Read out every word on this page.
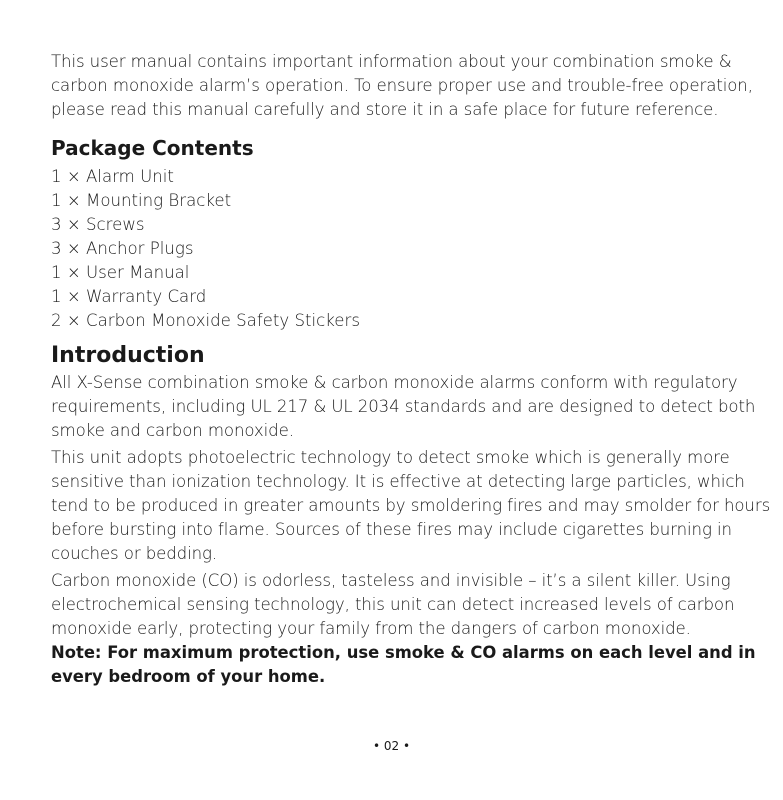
This user manual contains important information about your combination smoke & carbon monoxide alarm’s operation. To ensure proper use and trouble-free operation, please read this manual carefully and store it in a safe place for future reference.

Package Contents
1 × Alarm Unit
1 × Mounting Bracket
3 × Screws
3 × Anchor Plugs
1 × User Manual
1 × Warranty Card
2 × Carbon Monoxide Safety Stickers
Introduction

All X-Sense combination smoke & carbon monoxide alarms conform with regulatory requirements, including UL 217 & UL 2034 standards and are designed to detect both smoke and carbon monoxide.

This unit adopts photoelectric technology to detect smoke which is generally more sensitive than ionization technology. It is effective at detecting large particles, which tend to be produced in greater amounts by smoldering fires and may smolder for hours before bursting into flame. Sources of these fires may include cigarettes burning in couches or bedding.

Carbon monoxide (CO) is odorless, tasteless and invisible – it’s a silent killer. Using electrochemical sensing technology, this unit can detect increased levels of carbon monoxide early, protecting your family from the dangers of carbon monoxide.

Note: For maximum protection, use smoke & CO alarms on each level and in every bedroom of your home.

• 02 •
